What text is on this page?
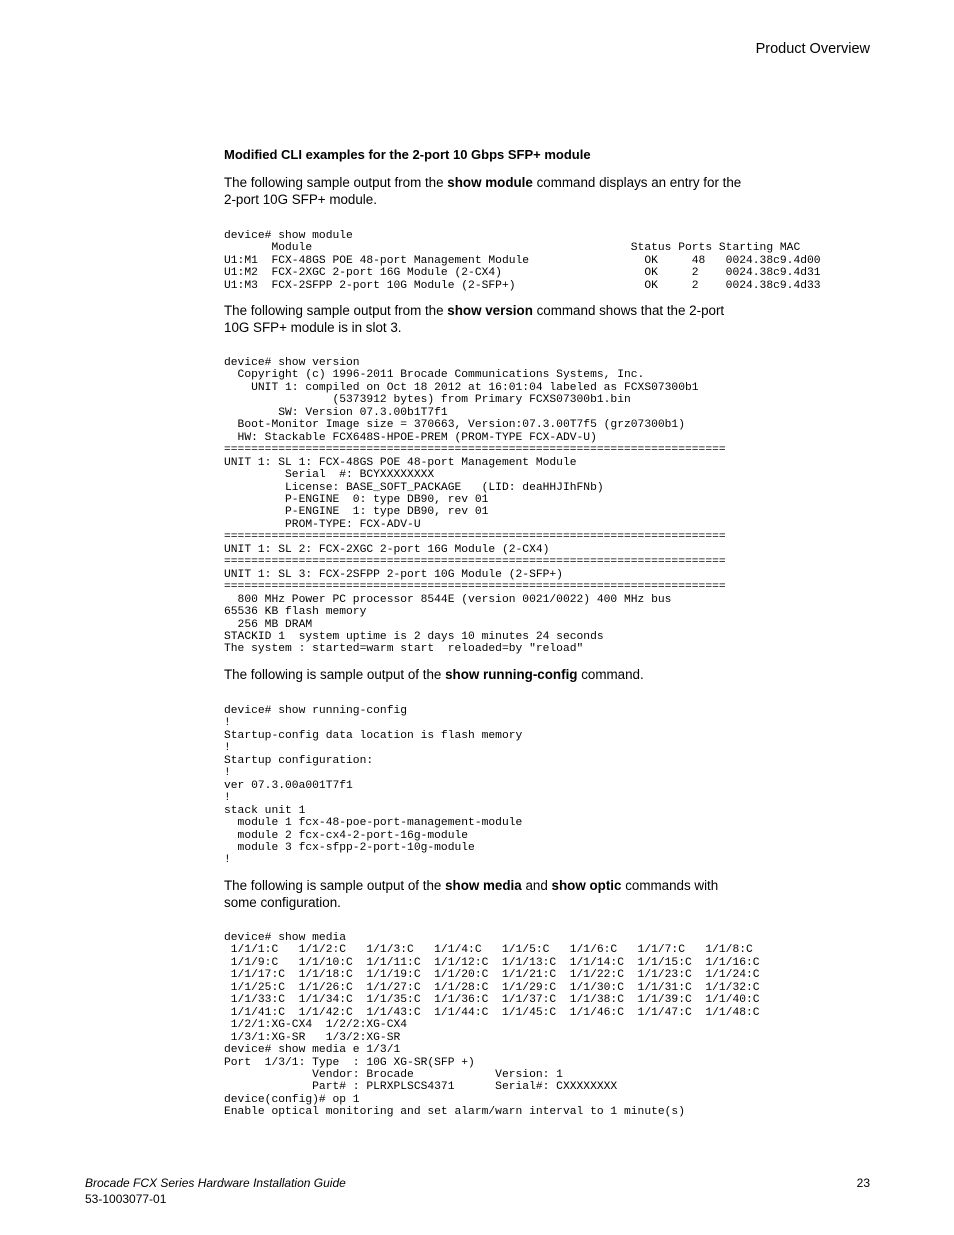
Product Overview
Modified CLI examples for the 2-port 10 Gbps SFP+ module
The following sample output from the show module command displays an entry for the 2-port 10G SFP+ module.
device# show module
Module                                               Status Ports Starting MAC
U1:M1  FCX-48GS POE 48-port Management Module                 OK     48   0024.38c9.4d00
U1:M2  FCX-2XGC 2-port 16G Module (2-CX4)                     OK     2    0024.38c9.4d31
U1:M3  FCX-2SFPP 2-port 10G Module (2-SFP+)                   OK     2    0024.38c9.4d33
The following sample output from the show version command shows that the 2-port 10G SFP+ module is in slot 3.
device# show version
Copyright (c) 1996-2011 Brocade Communications Systems, Inc.
UNIT 1: compiled on Oct 18 2012 at 16:01:04 labeled as FCXS07300b1
(5373912 bytes) from Primary FCXS07300b1.bin
SW: Version 07.3.00b1T7f1
Boot-Monitor Image size = 370663, Version:07.3.00T7f5 (grz07300b1)
HW: Stackable FCX648S-HPOE-PREM (PROM-TYPE FCX-ADV-U)
==========================================================================
UNIT 1: SL 1: FCX-48GS POE 48-port Management Module
Serial  #: BCYXXXXXXXX
License: BASE_SOFT_PACKAGE   (LID: deaHHJIhFNb)
P-ENGINE  0: type DB90, rev 01
P-ENGINE  1: type DB90, rev 01
PROM-TYPE: FCX-ADV-U
==========================================================================
UNIT 1: SL 2: FCX-2XGC 2-port 16G Module (2-CX4)
==========================================================================
UNIT 1: SL 3: FCX-2SFPP 2-port 10G Module (2-SFP+)
==========================================================================
800 MHz Power PC processor 8544E (version 0021/0022) 400 MHz bus
65536 KB flash memory
256 MB DRAM
STACKID 1  system uptime is 2 days 10 minutes 24 seconds
The system : started=warm start  reloaded=by "reload"
The following is sample output of the show running-config command.
device# show running-config
!
Startup-config data location is flash memory
!
Startup configuration:
!
ver 07.3.00a001T7f1
!
stack unit 1
module 1 fcx-48-poe-port-management-module
module 2 fcx-cx4-2-port-16g-module
module 3 fcx-sfpp-2-port-10g-module
!
The following is sample output of the show media and show optic commands with some configuration.
device# show media
1/1/1:C   1/1/2:C   1/1/3:C   1/1/4:C   1/1/5:C   1/1/6:C   1/1/7:C   1/1/8:C
1/1/9:C   1/1/10:C  1/1/11:C  1/1/12:C  1/1/13:C  1/1/14:C  1/1/15:C  1/1/16:C
1/1/17:C  1/1/18:C  1/1/19:C  1/1/20:C  1/1/21:C  1/1/22:C  1/1/23:C  1/1/24:C
1/1/25:C  1/1/26:C  1/1/27:C  1/1/28:C  1/1/29:C  1/1/30:C  1/1/31:C  1/1/32:C
1/1/33:C  1/1/34:C  1/1/35:C  1/1/36:C  1/1/37:C  1/1/38:C  1/1/39:C  1/1/40:C
1/1/41:C  1/1/42:C  1/1/43:C  1/1/44:C  1/1/45:C  1/1/46:C  1/1/47:C  1/1/48:C
1/2/1:XG-CX4  1/2/2:XG-CX4
1/3/1:XG-SR   1/3/2:XG-SR
device# show media e 1/3/1
Port  1/3/1: Type  : 10G XG-SR(SFP +)
Vendor: Brocade            Version: 1
Part# : PLRXPLSCS4371      Serial#: CXXXXXXXX
device(config)# op 1
Enable optical monitoring and set alarm/warn interval to 1 minute(s)
Brocade FCX Series Hardware Installation Guide
53-1003077-01
23
